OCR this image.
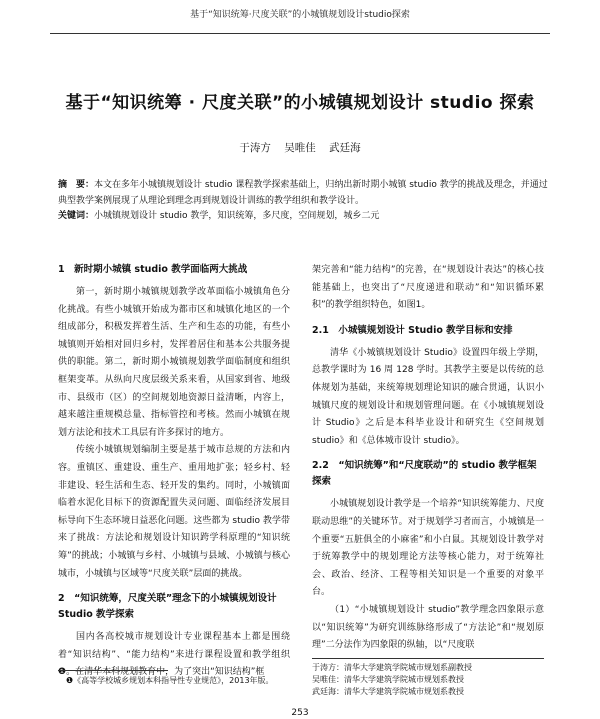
基于“知识统筹·尺度关联”的小城镇规划设计studio探索
基于“知识统筹 · 尺度关联”的小城镇规划设计 studio 探索
于涛方 吴唯佳 武廷海
摘　要：本文在多年小城镇规划设计 studio 课程教学探索基础上，归纳出新时期小城镇 studio 教学的挑战及理念，并通过典型教学案例展现了从理论到理念再到规划设计训练的教学组织和教学设计。
关键词：小城镇规划设计 studio 教学，知识统筹，多尺度，空间规划，城乡二元
1　新时期小城镇 studio 教学面临两大挑战

第一，新时期小城镇规划教学改革面临小城镇角色分化挑战。有些小城镇开始成为都市区和城镇化地区的一个组成部分，积极发挥着生活、生产和生态的功能，有些小城镇则开始相对回归乡村，发挥着居住和基本公共服务提供的职能。第二，新时期小城镇规划教学面临制度和组织框架变革。从纵向尺度层级关系来看，从国家到省、地级市、县级市（区）的空间规划地资源日益清晰，内容上，越来越注重规模总量、指标管控和考核。然而小城镇在规划方法论和技术工具层有许多探讨的地方。

传统小城镇规划编制主要是基于城市总规的方法和内容。重镇区、重建设、重生产、重用地扩张；轻乡村、轻非建设、轻生活和生态、轻开发的集约。同时，小城镇面临着水泥化目标下的资源配置失灵问题、面临经济发展目标导向下生态环境日益恶化问题。这些都为 studio 教学带来了挑战：方法论和规划设计知识跨学科原理的“知识统筹”的挑战；小城镇与乡村、小城镇与县域、小城镇与核心城市，小城镇与区域等“尺度关联”层面的挑战。

2　“知识统筹，尺度关联”理念下的小城镇规划设计 Studio 教学探索

国内各高校城市规划设计专业课程基本上都是围绕着“知识结构”、“能力结构”来进行课程设置和教学组织❶。在清华本科规划教育中，为了突出“知识结构”框

架完善和“能力结构”的完善，在“规划设计表达”的核心技能基础上，也突出了“尺度递进和联动”和“知识循环累积”的教学组织特色，如图1。

2.1　小城镇规划设计 Studio 教学目标和安排

清华《小城镇规划设计 Studio》设置四年级上学期，总教学课时为 16 周 128 学时。其教学主要是以传统的总体规划为基础，来统筹规划理论知识的融合贯通，认识小城镇尺度的规划设计和规划管理问题。在《小城镇规划设计 Studio》之后是本科毕业设计和研究生《空间规划 studio》和《总体城市设计 studio》。

2.2　“知识统筹”和“尺度联动”的 studio 教学框架探索

小城镇规划设计教学是一个培养“知识统筹能力、尺度联动思维”的关键环节。对于规划学习者而言，小城镇是一个重要“五脏俱全的小麻雀”和小白鼠。其规划设计教学对于统筹教学中的规划理论方法等核心能力，对于统筹社会、政治、经济、工程等相关知识是一个重要的对象平台。

（1）“小城镇规划设计 studio”教学理念四象限示意以“知识统筹”为研究训练脉络形成了“方法论”和“规划原理”二分法作为四象限的纵轴，以“尺度联

❶《高等学校城乡规划本科指导性专业规范》，2013年版。
于涛方：清华大学建筑学院城市规划系副教授
吴唯佳：清华大学建筑学院城市规划系教授
武廷海：清华大学建筑学院城市规划系教授
253
